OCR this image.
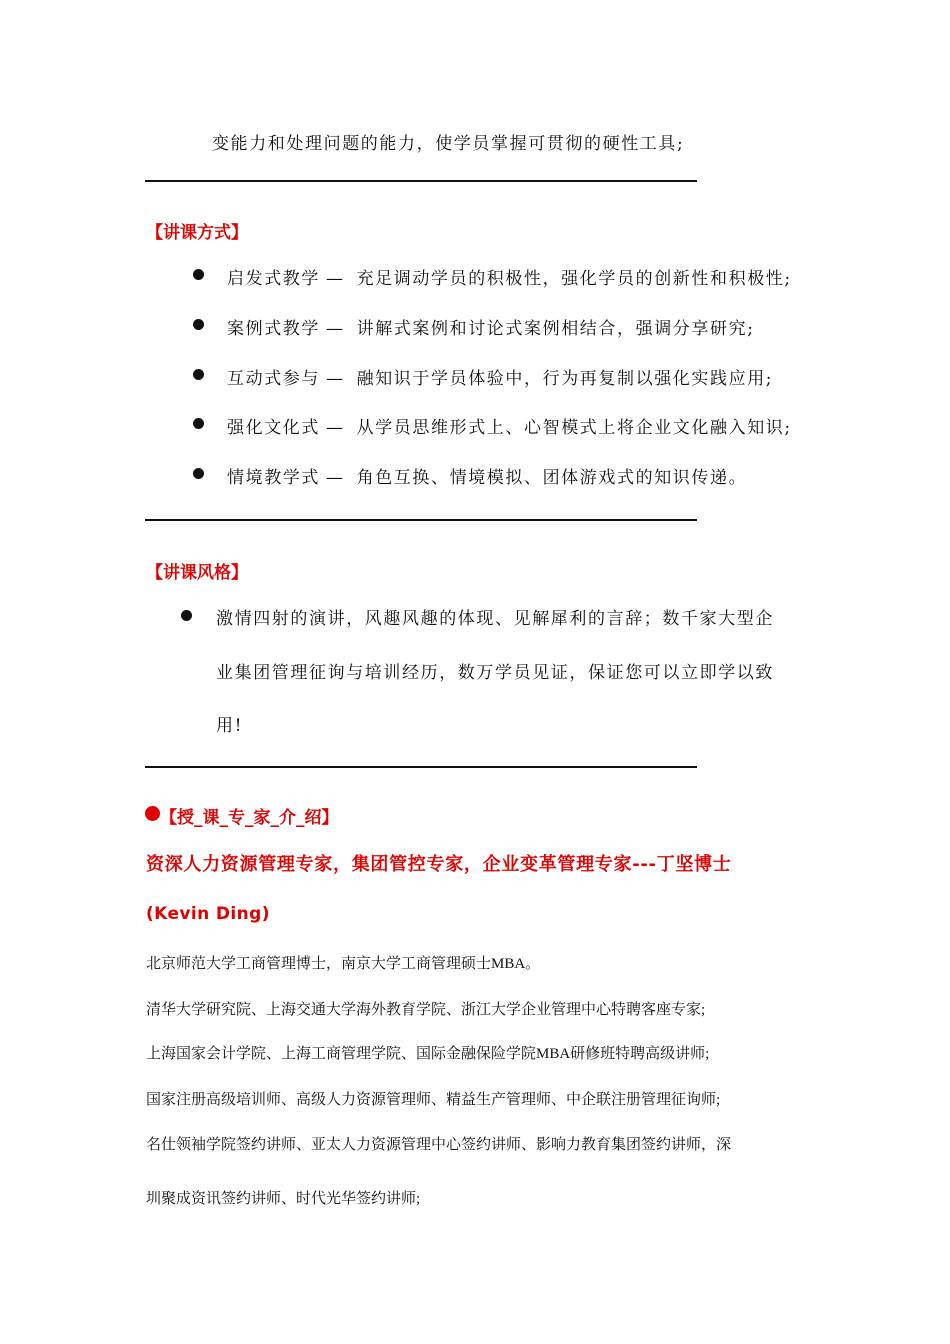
变能力和处理问题的能力，使学员掌握可贯彻的硬性工具;
【讲课方式】
启发式教学 — 充足调动学员的积极性，强化学员的创新性和积极性;
案例式教学 — 讲解式案例和讨论式案例相结合，强调分享研究;
互动式参与 — 融知识于学员体验中，行为再复制以强化实践应用;
强化文化式 — 从学员思维形式上、心智模式上将企业文化融入知识;
情境教学式 — 角色互换、情境模拟、团体游戏式的知识传递。
【讲课风格】
激情四射的演讲，风趣风趣的体现、见解犀利的言辞；数千家大型企
业集团管理征询与培训经历，数万学员见证，保证您可以立即学以致
用!
【授_课_专_家_介_绍】
资深人力资源管理专家，集团管控专家，企业变革管理专家---丁坚博士
(Kevin Ding)
北京师范大学工商管理博士，南京大学工商管理硕士MBA。
清华大学研究院、上海交通大学海外教育学院、浙江大学企业管理中心特聘客座专家;
上海国家会计学院、上海工商管理学院、国际金融保险学院MBA研修班特聘高级讲师;
国家注册高级培训师、高级人力资源管理师、精益生产管理师、中企联注册管理征询师;
名仕领袖学院签约讲师、亚太人力资源管理中心签约讲师、影响力教育集团签约讲师，深
圳聚成资讯签约讲师、时代光华签约讲师;
